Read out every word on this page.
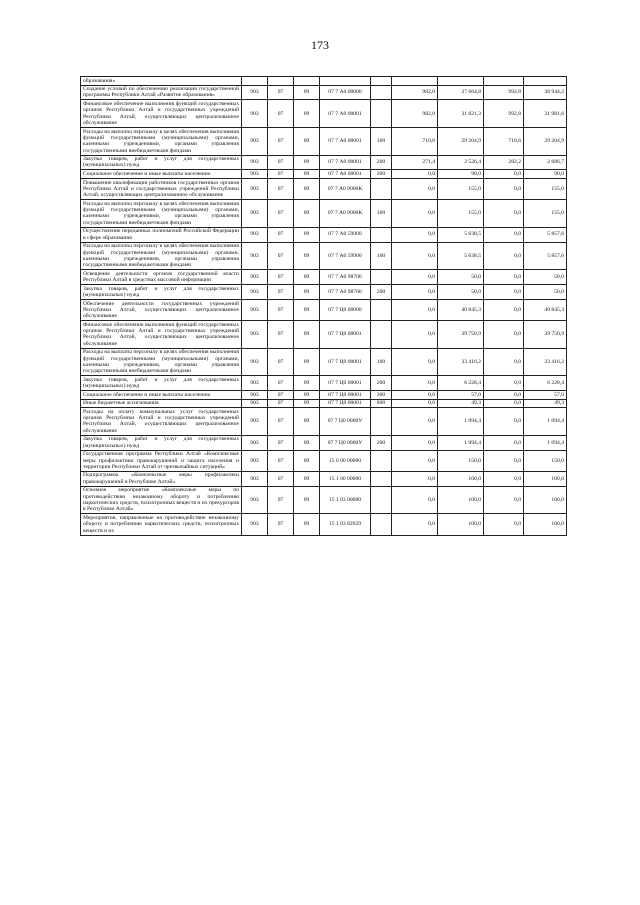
173
образования»									
Создание условий по обеспечению реализации государственной программы Республики Алтай «Развитие образования»	903	07	09	07 7 А0 00000		982,0	37 664,8	992,8	38 944,2
Финансовое обеспечение выполнения функций государственных органов Республики Алтай и государственных учреждений Республики Алтай, осуществляющих централизованное обслуживание	903	07	09	07 7 А0 00001		982,0	31 821,3	992,8	31 981,6
Расходы на выплаты персоналу в целях обеспечения выполнения функций государственными (муниципальными) органами, казенными учреждениями, органами управления государственными внебюджетными фондами	903	07	09	07 7 А0 00001	100	710,6	29 204,9	710,6	29 204,9
Закупка товаров, работ и услуг для государственных (муниципальных) нужд	903	07	09	07 7 А0 00001	200	271,4	2 526,4	282,2	2 686,7
Социальное обеспечение и иные выплаты населению	903	07	09	07 7 А0 00001	300	0,0	90,0	0,0	90,0
Повышение квалификации работников государственных органов Республики Алтай и государственных учреждений Республики Алтай, осуществляющих централизованное обслуживание	903	07	09	07 7 А0 0000К		0,0	155,0	0,0	155,0
Расходы на выплаты персоналу в целях обеспечения выполнения функций государственными (муниципальными) органами, казенными учреждениями, органами управления государственными внебюджетными фондами	903	07	09	07 7 А0 0000К	100	0,0	155,0	0,0	155,0
Осуществление переданных полномочий Российской Федерации в сфере образования	903	07	09	07 7 А0 59900		0,0	5 638,5	0,0	5 857,6
Расходы на выплаты персоналу в целях обеспечения выполнения функций государственными (муниципальными) органами, казенными учреждениями, органами управления государственными внебюджетными фондами	903	07	09	07 7 А0 59900	100	0,0	5 638,5	0,0	5 857,6
Освещение деятельности органов государственной власти Республики Алтай в средствах массовой информации	903	07	09	07 7 А0 98700		0,0	50,0	0,0	50,0
Закупка товаров, работ и услуг для государственных (муниципальных) нужд	903	07	09	07 7 А0 98700	200	0,0	50,0	0,0	50,0
Обеспечение деятельности государственных учреждений Республики Алтай, осуществляющих централизованное обслуживание	903	07	09	07 7 Ц0 00000		0,0	40 845,3	0,0	40 845,3
Финансовое обеспечение выполнения функций государственных органов Республики Алтай и государственных учреждений Республики Алтай, осуществляющих централизованное обслуживание	903	07	09	07 7 Ц0 00001		0,0	39 750,9	0,0	39 750,9
Расходы на выплаты персоналу в целях обеспечения выполнения функций государственными (муниципальными) органами, казенными учреждениями, органами управления государственными внебюджетными фондами	903	07	09	07 7 Ц0 00001	100	0,0	33 416,2	0,0	33 416,2
Закупка товаров, работ и услуг для государственных (муниципальных) нужд	903	07	09	07 7 Ц0 00001	200	0,0	6 228,4	0,0	6 228,4
Социальное обеспечение и иные выплаты населению	903	07	09	07 7 Ц0 00001	300	0,0	57,0	0,0	57,0
Иные бюджетные ассигнования	903	07	09	07 7 Ц0 00001	800	0,0	49,3	0,0	49,3
Расходы на оплату коммунальных услуг государственных органов Республики Алтай и государственных учреждений Республики Алтай, осуществляющих централизованное обслуживание	903	07	09	07 7 Ц0 0000У		0,0	1 094,4	0,0	1 094,4
Закупка товаров, работ и услуг для государственных (муниципальных) нужд	903	07	09	07 7 Ц0 0000У	200	0,0	1 094,4	0,0	1 094,4
Государственная программа Республики Алтай «Комплексные меры профилактики правонарушений и защита населения и территории Республики Алтай от чрезвычайных ситуаций»	903	07	09	15 0 00 00000		0,0	150,0	0,0	150,0
Подпрограмма «Комплексные меры профилактики правонарушений в Республике Алтай»	903	07	09	15 1 00 00000		0,0	100,0	0,0	100,0
Основное мероприятие «Комплексные меры по противодействию незаконному обороту и потреблению наркотических средств, психотропных веществ и их прекурсоров в Республике Алтай»	903	07	09	15 1 03 00000		0,0	100,0	0,0	100,0
Мероприятия, направленные на противодействие незаконному обороту и потреблению наркотических средств, психотропных веществ и их	903	07	09	15 1 03 82029		0,0	100,0	0,0	100,0
